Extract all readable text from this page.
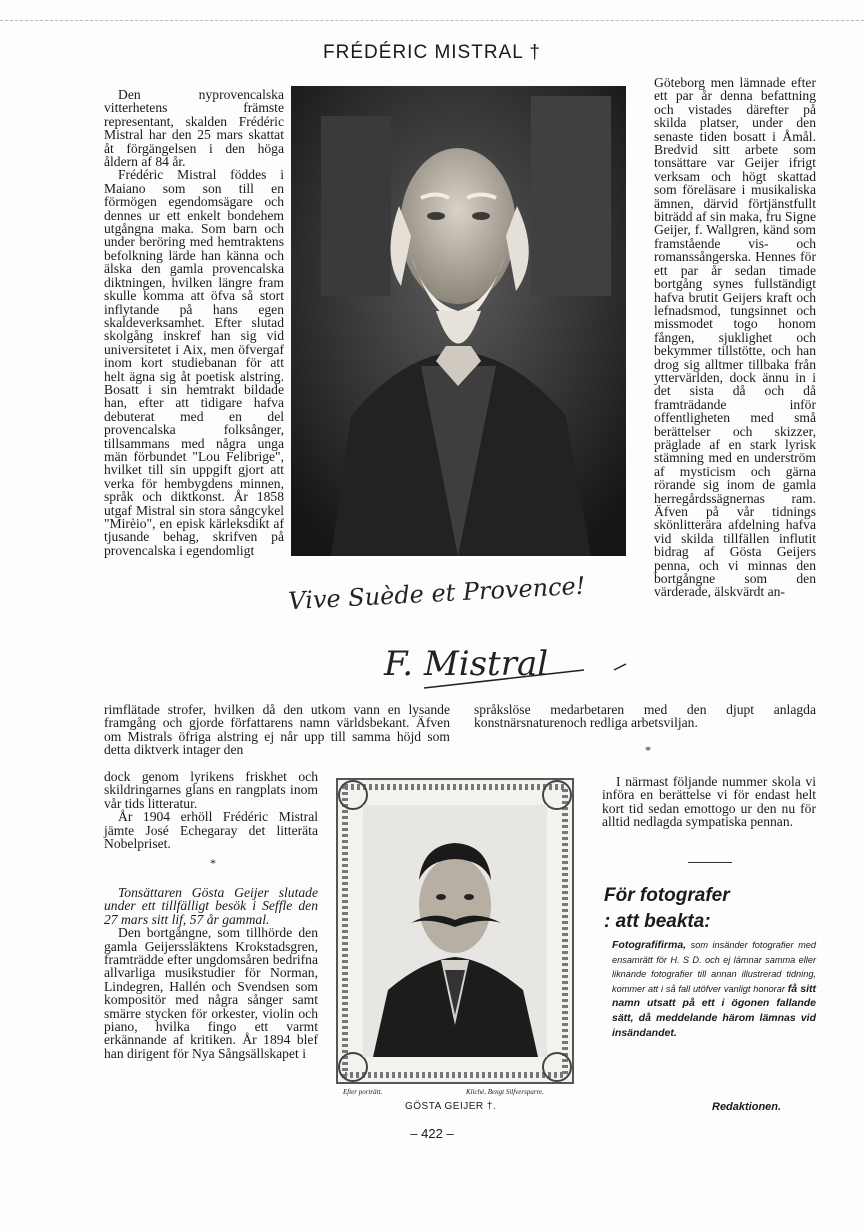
FRÉDÉRIC MISTRAL †

Den nyprovencalska vitterhetens främste representant, skalden Frédéric Mistral har den 25 mars skattat åt förgängelsen i den höga åldern af 84 år.

Frédéric Mistral föddes i Maiano som son till en förmögen egendomsägare och dennes ur ett enkelt bondehem utgångna maka. Som barn och under beröring med hemtraktens befolkning lärde han känna och älska den gamla provencalska diktningen, hvilken längre fram skulle komma att öfva så stort inflytande på hans egen skaldeverksamhet. Efter slutad skolgång inskref han sig vid universitetet i Aix, men öfvergaf inom kort studiebanan för att helt ägna sig åt poetisk alstring. Bosatt i sin hemtrakt bildade han, efter att tidigare hafva debuterat med en del provencalska folksånger, tillsammans med några unga män förbundet "Lou Felibrige", hvilket till sin uppgift gjort att verka för hembygdens minnen, språk och diktkonst. År 1858 utgaf Mistral sin stora sångcykel "Mirèio", en episk kärleksdikt af tjusande behag, skrifven på provencalska i egendomligt

Vive Suède et Provence!
F. Mistral

Göteborg men lämnade efter ett par år denna befattning och vistades därefter på skilda platser, under den senaste tiden bosatt i Åmål. Bredvid sitt arbete som tonsättare var Geijer ifrigt verksam och högt skattad som föreläsare i musikaliska ämnen, därvid förtjänstfullt biträdd af sin maka, fru Signe Geijer, f. Wallgren, känd som framstående vis- och romanssångerska. Hennes för ett par år sedan timade bortgång synes fullständigt hafva brutit Geijers kraft och lefnadsmod, tungsinnet och missmodet togo honom fången, sjuklighet och bekymmer tillstötte, och han drog sig alltmer tillbaka från yttervärlden, dock ännu in i det sista då och då framträdande inför offentligheten med små berättelser och skizzer, präglade af en stark lyrisk stämning med en underström af mysticism och gärna rörande sig inom de gamla herregårdssägnernas ram. Äfven på vår tidnings skönlitterära afdelning hafva vid skilda tillfällen influtit bidrag af Gösta Geijers penna, och vi minnas den bortgångne som den värderade, älskvärdt an-

rimflätade strofer, hvilken då den utkom vann en lysande framgång och gjorde författarens namn världsbekant. Äfven om Mistrals öfriga alstring ej når upp till samma höjd som detta diktverk intager den

språkslöse medarbetaren med den djupt anlagda konstnärsnaturenoch redliga arbetsviljan.

dock genom lyrikens friskhet och skildringarnes glans en rangplats inom vår tids litteratur.

År 1904 erhöll Frédéric Mistral jämte José Echegaray det litteräta Nobelpriset.

*
*

Tonsättaren Gösta Geijer slutade under ett tillfälligt besök i Seffle den 27 mars sitt lif, 57 år gammal.

Den bortgångne, som tillhörde den gamla Geijerssläktens Krokstadsgren, framträdde efter ungdomsåren bedrifna allvarliga musikstudier för Norman, Lindegren, Hallén och Svendsen som kompositör med några sånger samt smärre stycken för orkester, violin och piano, hvilka fingo ett varmt erkännande af kritiken. År 1894 blef han dirigent för Nya Sångsällskapet i

I närmast följande nummer skola vi införa en berättelse vi för endast helt kort tid sedan emottogo ur den nu för alltid nedlagda sympatiska pennan.

Efter porträtt.	Kliché, Bengt Silfversparre.
GÖSTA GEIJER †.
För fotografer
: att beakta:
Fotografifirma, som insänder fotografier med ensamrätt för H. S D. och ej lämnar samma eller liknande fotografier till annan illustrerad tidning, kommer att i så fall utöfver vanligt honorar få sitt namn utsatt på ett i ögonen fallande sätt, då meddelande härom lämnas vid insändandet.
Redaktionen.
– 422 –
